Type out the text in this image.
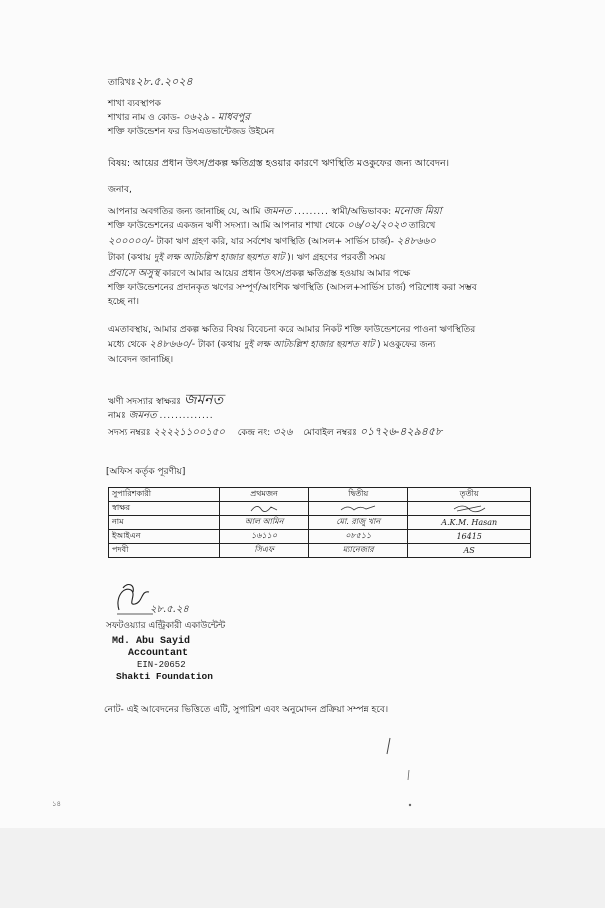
তারিখঃ২৮.৫.২০২৪
শাখা ব্যবস্থাপক
শাখার নাম ও কোড- ০৬২৯ - মাধবপুর
শক্তি ফাউন্ডেশন ফর ডিসএডভান্টেজড উইমেন
বিষয়: আয়ের প্রধান উৎস/প্রকল্প ক্ষতিগ্রস্ত হওয়ার কারণে ঋণস্থিতি মওকুফের জন্য আবেদন।
জনাব,
আপনার অবগতির জন্য জানাচ্ছি যে, আমি জমনত ......... স্বামী/অভিভাবক: মনোজ মিয়া
শক্তি ফাউন্ডেশনের একজন ঋণী সদস্যা। আমি আপনার শাখা থেকে ০৬/০২/২০২৩ তারিখে
২০০০০০/- টাকা ঋণ গ্রহণ করি, যার সর্বশেষ ঋণস্থিতি (আসল+ সার্ভিস চার্জ)- ২৪৮৬৬০
টাকা (কথায় দুই লক্ষ আটচল্লিশ হাজার ছয়শত ষাট )। ঋণ গ্রহণের পরবর্তী সময়
প্রবাসে অসুস্থ কারণে আমার আয়ের প্রধান উৎস/প্রকল্প ক্ষতিগ্রস্ত হওয়ায় আমার পক্ষে
শক্তি ফাউন্ডেশনের প্রদানকৃত ঋণের সম্পূর্ণ/আংশিক ঋণস্থিতি (আসল+সার্ভিস চার্জ) পরিশোধ করা সম্ভব
হচ্ছে না।
এমতাবস্থায়, আমার প্রকল্প ক্ষতির বিষয় বিবেচনা করে আমার নিকট শক্তি ফাউন্ডেশনের পাওনা ঋণস্থিতির
মধ্যে থেকে ২৪৮৬৬০/- টাকা (কথায় দুই লক্ষ আটচল্লিশ হাজার ছয়শত ষাট ) মওকুফের জন্য
আবেদন জানাচ্ছি।
ঋণী সদস্যার স্বাক্ষরঃ জমনত
নামঃ জমনত ..............
সদস্য নম্বরঃ ২২২২১১০০১৫০ কেন্দ্র নং: ৩২৬ মোবাইল নম্বরঃ ০১৭২৬-৪২৯৪৫৮
[অফিস কর্তৃক পূরণীয়]
সুপারিশকারী	প্রথমজন	দ্বিতীয়	তৃতীয়
স্বাক্ষর			
নাম	আল আমিন	মো. রাজু খান	A.K.M. Hasan
ইআইএন	১৬১১০	০৮৫১১	16415
পদবী	সিএফ	ম্যানেজার	AS
২৮.৫.২৪
সফটওয়্যার এন্ট্রিকারী একাউন্টেন্ট
Md. Abu Sayid
Accountant
EIN-20652
Shakti Foundation
নোট- এই আবেদনের ভিত্তিতে এটি, সুপারিশ এবং অনুমোদন প্রক্রিয়া সম্পন্ন হবে।
১৪
